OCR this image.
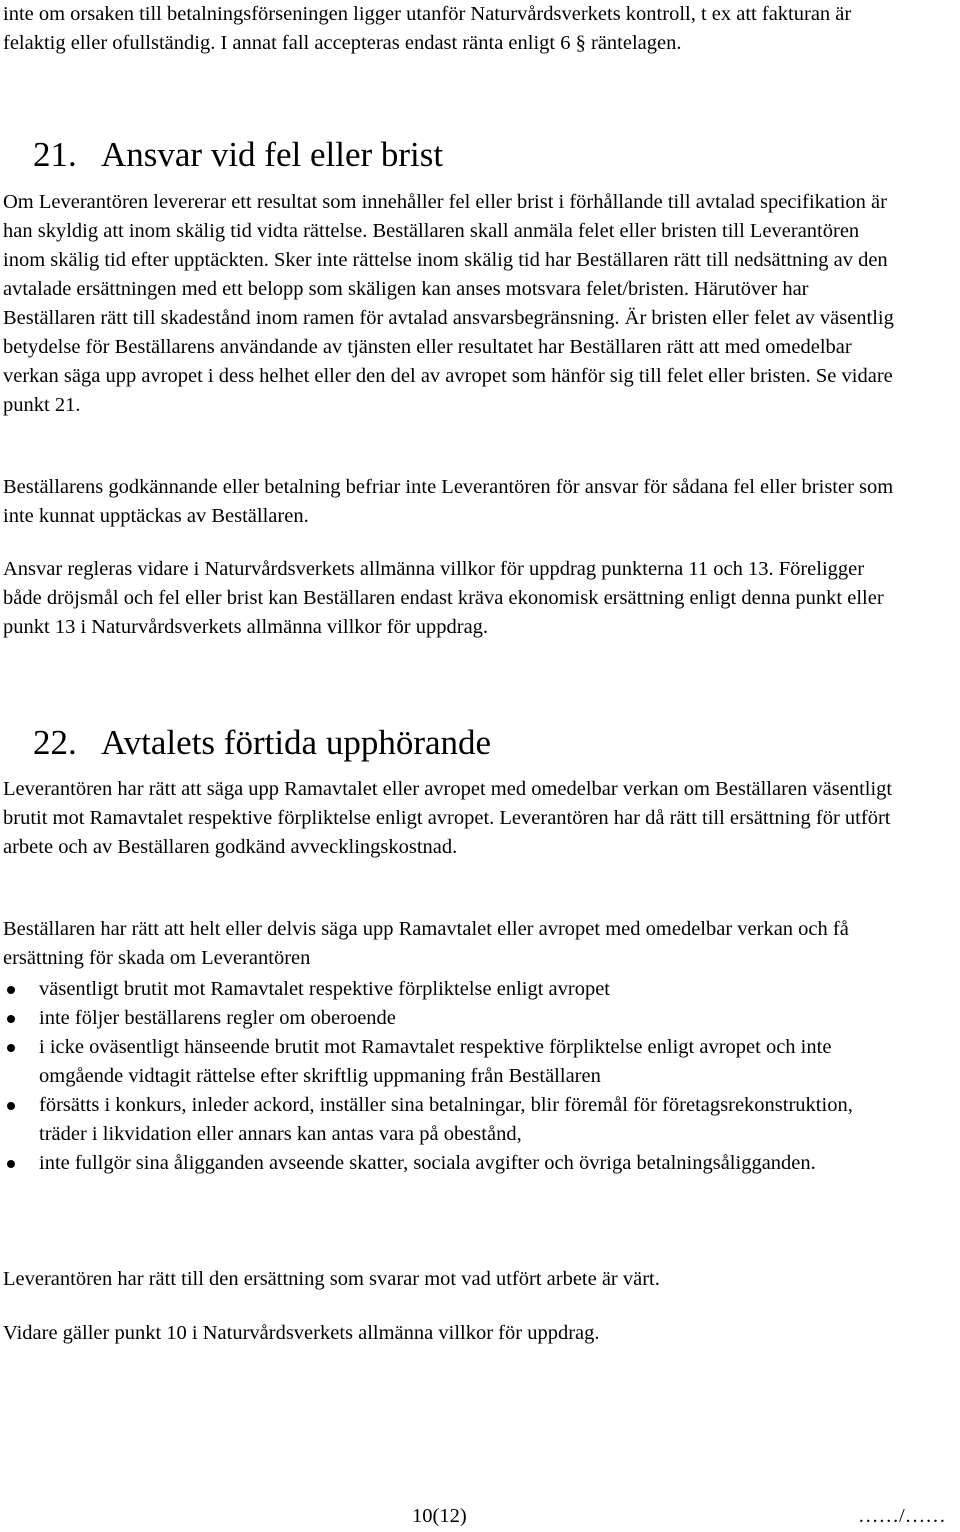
inte om orsaken till betalningsförseningen ligger utanför Naturvårdsverkets kontroll, t ex att fakturan är felaktig eller ofullständig. I annat fall accepteras endast ränta enligt 6 § räntelagen.

21. Ansvar vid fel eller brist

Om Leverantören levererar ett resultat som innehåller fel eller brist i förhållande till avtalad specifikation är han skyldig att inom skälig tid vidta rättelse. Beställaren skall anmäla felet eller bristen till Leverantören inom skälig tid efter upptäckten. Sker inte rättelse inom skälig tid har Beställaren rätt till nedsättning av den avtalade ersättningen med ett belopp som skäligen kan anses motsvara felet/bristen. Härutöver har Beställaren rätt till skadestånd inom ramen för avtalad ansvarsbegränsning. Är bristen eller felet av väsentlig betydelse för Beställarens användande av tjänsten eller resultatet har Beställaren rätt att med omedelbar verkan säga upp avropet i dess helhet eller den del av avropet som hänför sig till felet eller bristen. Se vidare punkt 21.

Beställarens godkännande eller betalning befriar inte Leverantören för ansvar för sådana fel eller brister som inte kunnat upptäckas av Beställaren.

Ansvar regleras vidare i Naturvårdsverkets allmänna villkor för uppdrag punkterna 11 och 13. Föreligger både dröjsmål och fel eller brist kan Beställaren endast kräva ekonomisk ersättning enligt denna punkt eller punkt 13 i Naturvårdsverkets allmänna villkor för uppdrag.

22. Avtalets förtida upphörande

Leverantören har rätt att säga upp Ramavtalet eller avropet med omedelbar verkan om Beställaren väsentligt brutit mot Ramavtalet respektive förpliktelse enligt avropet. Leverantören har då rätt till ersättning för utfört arbete och av Beställaren godkänd avvecklingskostnad.

Beställaren har rätt att helt eller delvis säga upp Ramavtalet eller avropet med omedelbar verkan och få ersättning för skada om Leverantören

väsentligt brutit mot Ramavtalet respektive förpliktelse enligt avropet
inte följer beställarens regler om oberoende
i icke oväsentligt hänseende brutit mot Ramavtalet respektive förpliktelse enligt avropet och inte omgående vidtagit rättelse efter skriftlig uppmaning från Beställaren
försätts i konkurs, inleder ackord, inställer sina betalningar, blir föremål för företagsrekonstruktion, träder i likvidation eller annars kan antas vara på obestånd,
inte fullgör sina åligganden avseende skatter, sociala avgifter och övriga betalningsåligganden.

Leverantören har rätt till den ersättning som svarar mot vad utfört arbete är värt.

Vidare gäller punkt 10 i Naturvårdsverkets allmänna villkor för uppdrag.

10(12)	……/……
